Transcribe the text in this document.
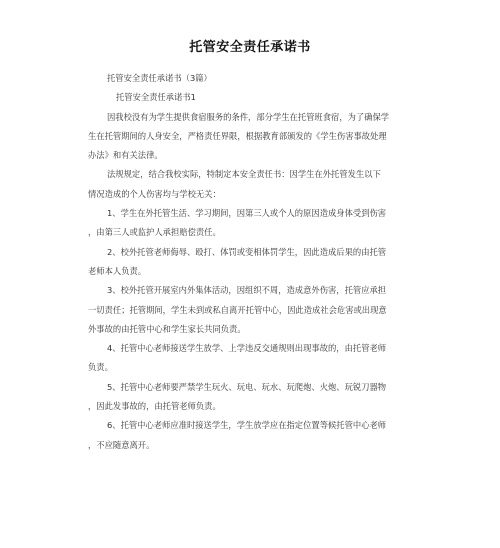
托管安全责任承诺书
托管安全责任承诺书（3篇）
托管安全责任承诺书1
因我校没有为学生提供食宿服务的条件，部分学生在托管班食宿，为了确保学
生在托管期间的人身安全，严格责任界限，根据教育部颁发的《学生伤害事故处理
办法》和有关法律。
法规规定，结合我校实际，特制定本安全责任书：因学生在外托管发生以下
情况造成的个人伤害均与学校无关：
1、学生在外托管生活、学习期间，因第三人或个人的原因造成身体受到伤害
，由第三人或监护人承担赔偿责任。
2、校外托管老师侮辱、殴打、体罚或变相体罚学生，因此造成后果的由托管
老师本人负责。
3、校外托管开展室内外集体活动，因组织不周，造成意外伤害，托管应承担
一切责任；托管期间，学生未到或私自离开托管中心，因此造成社会危害或出现意
外事故的由托管中心和学生家长共同负责。
4、托管中心老师接送学生放学、上学违反交通规则出现事故的，由托管老师
负责。
5、托管中心老师要严禁学生玩火、玩电、玩水、玩爬炮、火炮、玩锐刀器物
，因此发事故的，由托管老师负责。
6、托管中心老师应准时接送学生，学生放学应在指定位置等候托管中心老师
，不应随意离开。
